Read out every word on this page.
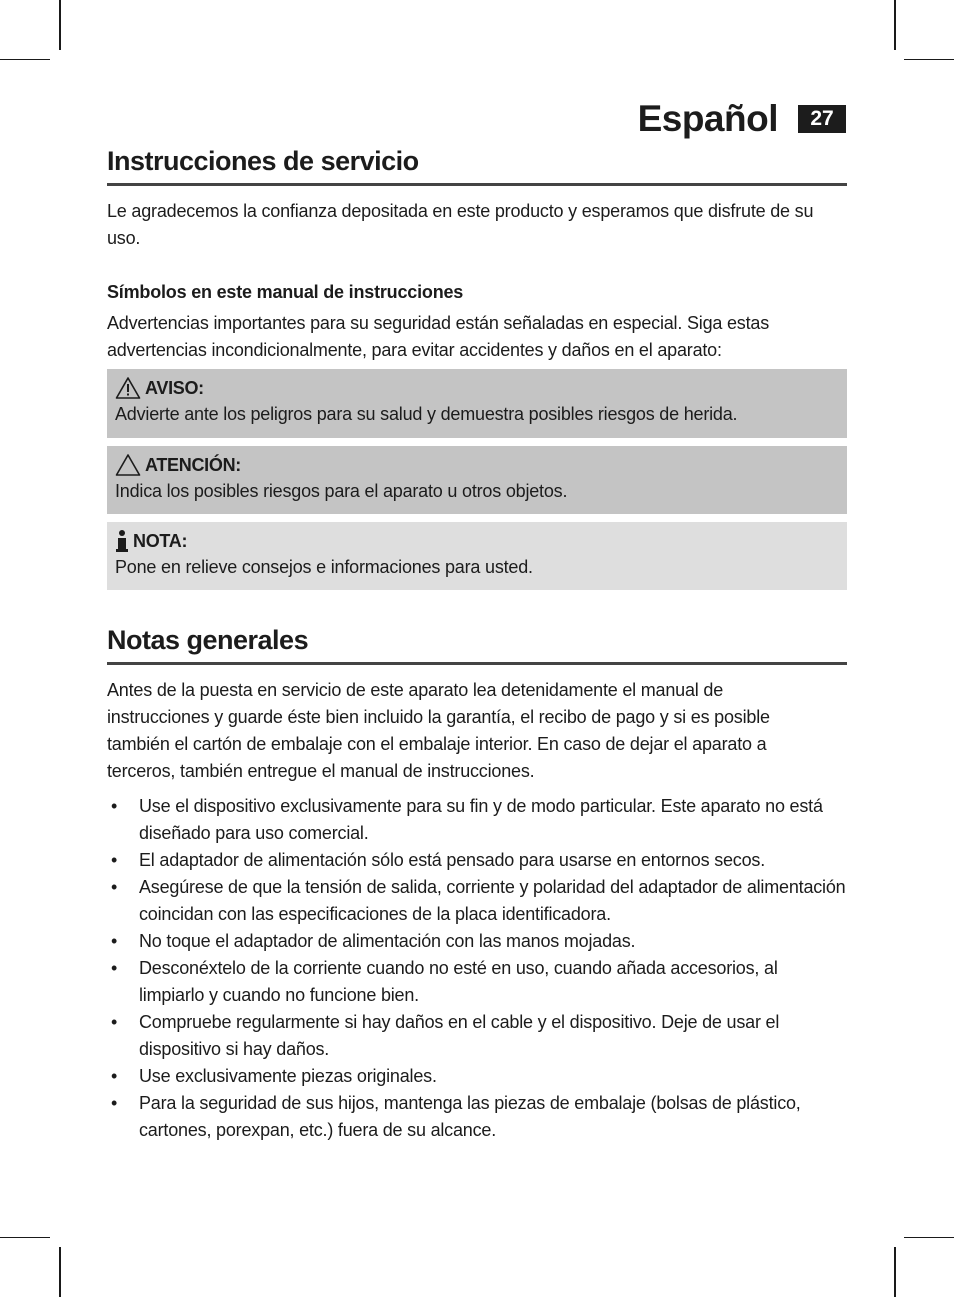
Español	27
Instrucciones de servicio

Le agradecemos la confianza depositada en este producto y esperamos que disfrute de su uso.

Símbolos en este manual de instrucciones

Advertencias importantes para su seguridad están señaladas en especial. Siga estas advertencias incondicionalmente, para evitar accidentes y daños en el aparato:

AVISO:
Advierte ante los peligros para su salud y demuestra posibles riesgos de herida.
ATENCIÓN:
Indica los posibles riesgos para el aparato u otros objetos.
NOTA:
Pone en relieve consejos e informaciones para usted.
Notas generales

Antes de la puesta en servicio de este aparato lea detenidamente el manual de instrucciones y guarde éste bien incluido la garantía, el recibo de pago y si es posible también el cartón de embalaje con el embalaje interior. En caso de dejar el aparato a terceros, también entregue el manual de instrucciones.

• Use el dispositivo exclusivamente para su fin y de modo particular. Este aparato no está diseñado para uso comercial.
• El adaptador de alimentación sólo está pensado para usarse en entornos secos.
• Asegúrese de que la tensión de salida, corriente y polaridad del adaptador de alimentación coincidan con las especificaciones de la placa identificadora.
• No toque el adaptador de alimentación con las manos mojadas.
• Desconéxtelo de la corriente cuando no esté en uso, cuando añada accesorios, al limpiarlo y cuando no funcione bien.
• Compruebe regularmente si hay daños en el cable y el dispositivo. Deje de usar el dispositivo si hay daños.
• Use exclusivamente piezas originales.
• Para la seguridad de sus hijos, mantenga las piezas de embalaje (bolsas de plástico, cartones, porexpan, etc.) fuera de su alcance.
